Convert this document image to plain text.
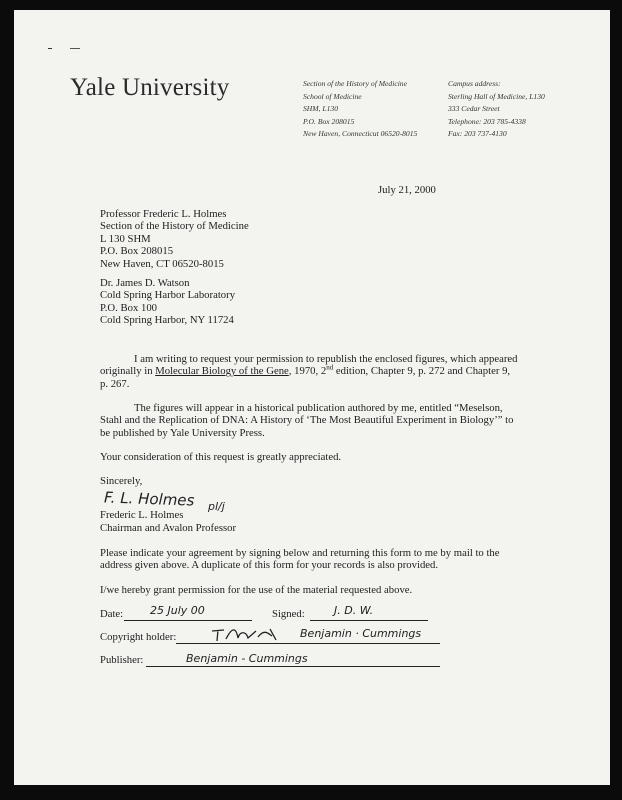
Yale University	Section of the History of Medicine
School of Medicine
SHM, L130
P.O. Box 208015
New Haven, Connecticut 06520-8015
Campus address:
Sterling Hall of Medicine, L130
333 Cedar Street
Telephone: 203 785-4338
Fax: 203 737-4130
July 21, 2000
Professor Frederic L. Holmes
Section of the History of Medicine
L 130 SHM
P.O. Box 208015
New Haven, CT 06520-8015
Dr. James D. Watson
Cold Spring Harbor Laboratory
P.O. Box 100
Cold Spring Harbor, NY 11724
I am writing to request your permission to republish the enclosed figures, which appeared
originally in Molecular Biology of the Gene, 1970, 2nd edition, Chapter 9, p. 272 and Chapter 9,
p. 267.
The figures will appear in a historical publication authored by me, entitled “Meselson,
Stahl and the Replication of DNA: A History of ‘The Most Beautiful Experiment in Biology’” to
be published by Yale University Press.
Your consideration of this request is greatly appreciated.
Sincerely,
F. L. Holmes pl/j
Frederic L. Holmes
Chairman and Avalon Professor
Please indicate your agreement by signing below and returning this form to me by mail to the
address given above. A duplicate of this form for your records is also provided.
I/we hereby grant permission for the use of the material requested above.
Date: 25 July 00	Signed:	J. D. W.
Copyright holder:	Benjamin · Cummings
Publisher:	Benjamin - Cummings
